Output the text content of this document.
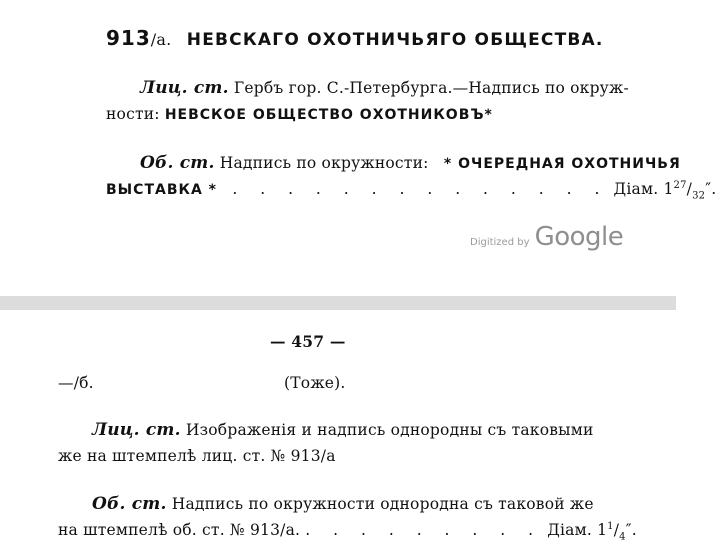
913/а. НЕВСКАГО ОХОТНИЧЬЯГО ОБЩЕСТВА.
Лиц. ст. Гербъ гор. С.-Петербурга.—Надпись по окруж-
ности: НЕВСКОЕ ОБЩЕСТВО ОХОТНИКОВЪ*
Об. ст. Надпись по окружности: * ОЧЕРЕДНАЯ ОХОТНИЧЬЯ
ВЫСТАВКА * . . . . . . . . . . . . . . Діам. $1^{27}/_{32}''$.
Digitized by Google
— 457 —
—/б.	(Тоже).
Лиц. ст. Изображенія и надпись однородны съ таковыми
же на штемпелѣ лиц. ст. № 913/а
Об. ст. Надпись по окружности однородна съ таковой же
на штемпелѣ об. ст. № 913/а. . . . . . . . . . Діам. $1^1/_4''$.
